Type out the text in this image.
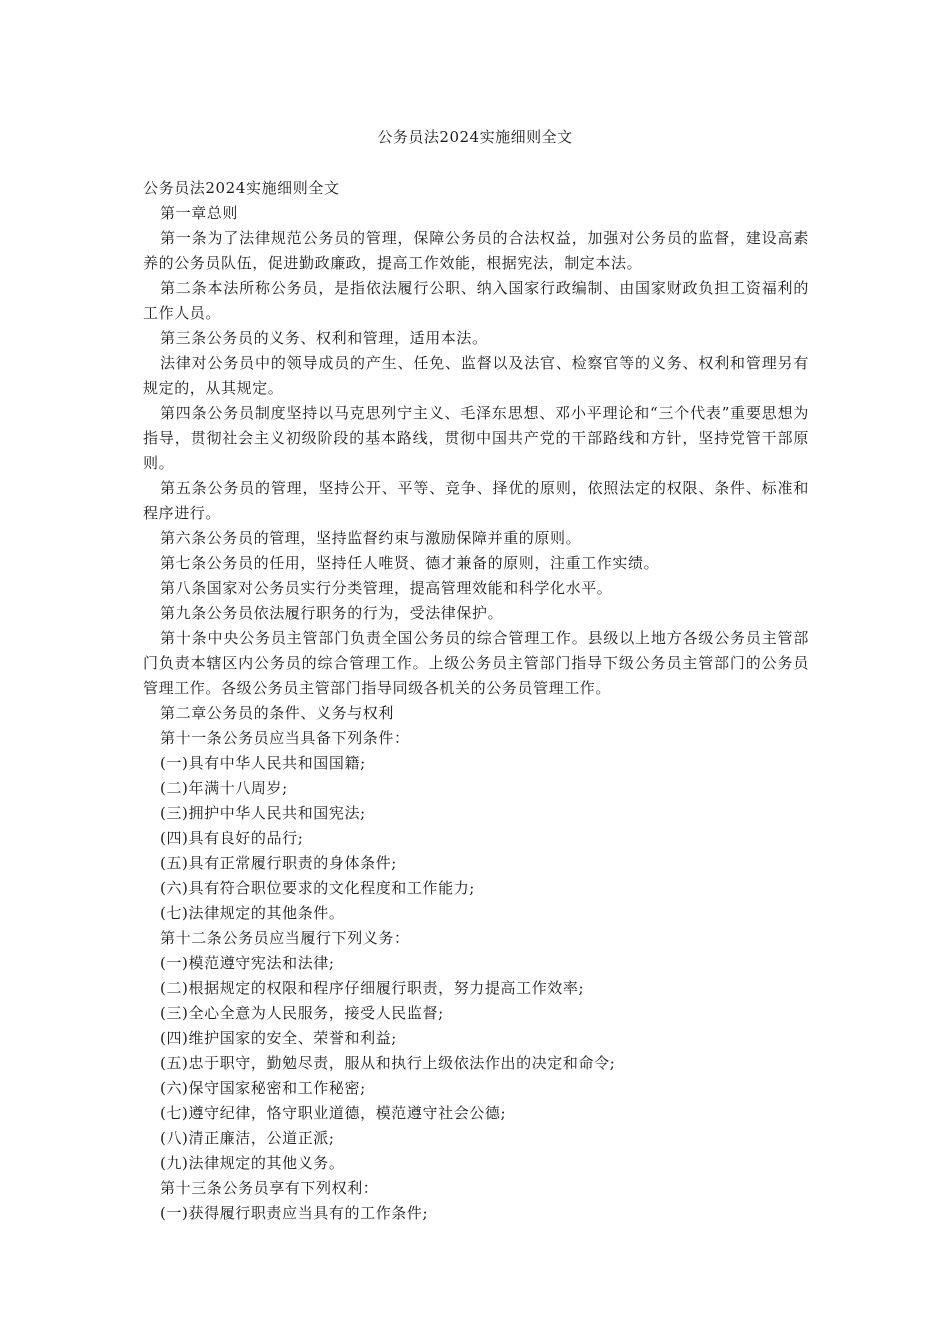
公务员法2024实施细则全文

公务员法2024实施细则全文

第一章总则

第一条为了法律规范公务员的管理，保障公务员的合法权益，加强对公务员的监督，建设高素养的公务员队伍，促进勤政廉政，提高工作效能，根据宪法，制定本法。

第二条本法所称公务员，是指依法履行公职、纳入国家行政编制、由国家财政负担工资福利的工作人员。

第三条公务员的义务、权利和管理，适用本法。

法律对公务员中的领导成员的产生、任免、监督以及法官、检察官等的义务、权利和管理另有规定的，从其规定。

第四条公务员制度坚持以马克思列宁主义、毛泽东思想、邓小平理论和“三个代表”重要思想为指导，贯彻社会主义初级阶段的基本路线，贯彻中国共产党的干部路线和方针，坚持党管干部原则。

第五条公务员的管理，坚持公开、平等、竞争、择优的原则，依照法定的权限、条件、标准和程序进行。

第六条公务员的管理，坚持监督约束与激励保障并重的原则。

第七条公务员的任用，坚持任人唯贤、德才兼备的原则，注重工作实绩。

第八条国家对公务员实行分类管理，提高管理效能和科学化水平。

第九条公务员依法履行职务的行为，受法律保护。

第十条中央公务员主管部门负责全国公务员的综合管理工作。县级以上地方各级公务员主管部门负责本辖区内公务员的综合管理工作。上级公务员主管部门指导下级公务员主管部门的公务员管理工作。各级公务员主管部门指导同级各机关的公务员管理工作。

第二章公务员的条件、义务与权利

第十一条公务员应当具备下列条件：

(一)具有中华人民共和国国籍;

(二)年满十八周岁;

(三)拥护中华人民共和国宪法;

(四)具有良好的品行;

(五)具有正常履行职责的身体条件;

(六)具有符合职位要求的文化程度和工作能力;

(七)法律规定的其他条件。

第十二条公务员应当履行下列义务：

(一)模范遵守宪法和法律;

(二)根据规定的权限和程序仔细履行职责，努力提高工作效率;

(三)全心全意为人民服务，接受人民监督;

(四)维护国家的安全、荣誉和利益;

(五)忠于职守，勤勉尽责，服从和执行上级依法作出的决定和命令;

(六)保守国家秘密和工作秘密;

(七)遵守纪律，恪守职业道德，模范遵守社会公德;

(八)清正廉洁，公道正派;

(九)法律规定的其他义务。

第十三条公务员享有下列权利：

(一)获得履行职责应当具有的工作条件;
